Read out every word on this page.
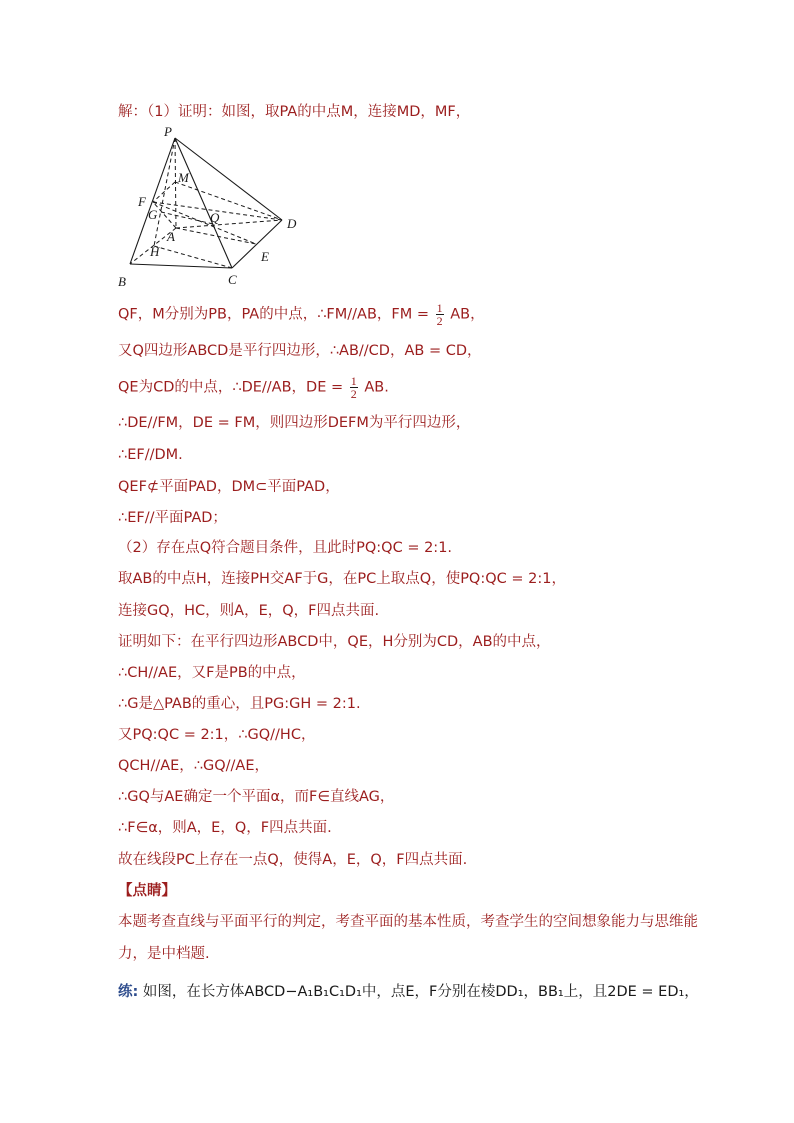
解：（1）证明：如图，取PA的中点M，连接MD，MF，
P
M
F
G	Q	D
A
H	E
B	C
QF，M分别为PB，PA的中点，∴FM//AB，FM = $\frac{1}{2}$ AB，
又Q四边形ABCD是平行四边形，∴AB//CD，AB = CD，
QE为CD的中点，∴DE//AB，DE = $\frac{1}{2}$ AB.
∴DE//FM，DE = FM，则四边形DEFM为平行四边形，
∴EF//DM.
QEF⊄平面PAD，DM⊂平面PAD，
∴EF//平面PAD；
（2）存在点Q符合题目条件，且此时PQ:QC = 2:1.
取AB的中点H，连接PH交AF于G，在PC上取点Q，使PQ:QC = 2:1，
连接GQ，HC，则A，E，Q，F四点共面.
证明如下：在平行四边形ABCD中，QE，H分别为CD，AB的中点，
∴CH//AE，又F是PB的中点，
∴G是△PAB的重心，且PG:GH = 2:1.
又PQ:QC = 2:1，∴GQ//HC，
QCH//AE，∴GQ//AE，
∴GQ与AE确定一个平面α，而F∈直线AG，
∴F∈α，则A，E，Q，F四点共面.
故在线段PC上存在一点Q，使得A，E，Q，F四点共面.
【点睛】
本题考查直线与平面平行的判定，考查平面的基本性质，考查学生的空间想象能力与思维能
力，是中档题.
练: 如图，在长方体ABCD−A₁B₁C₁D₁中，点E，F分别在棱DD₁，BB₁上，且2DE = ED₁，
